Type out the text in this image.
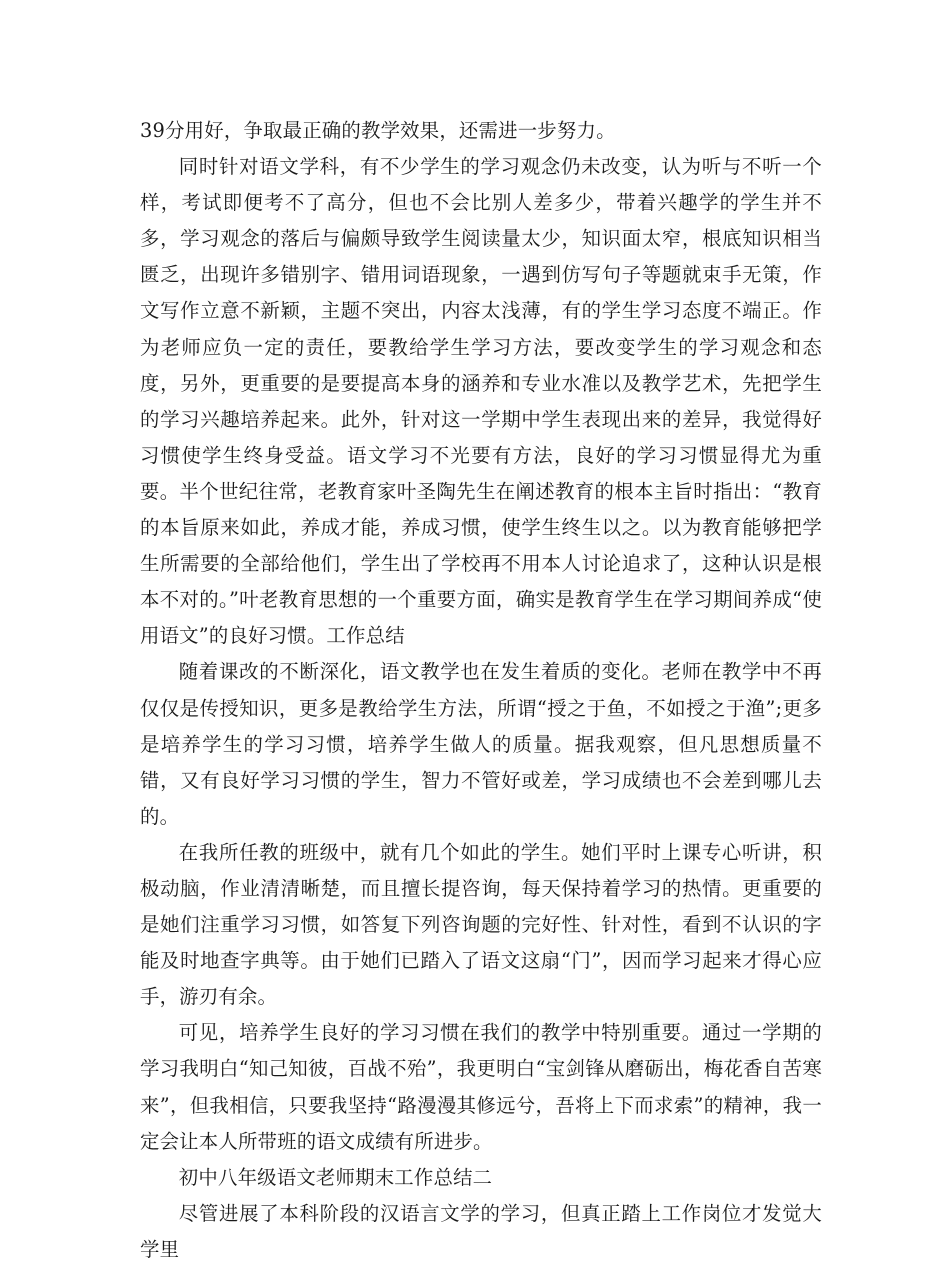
39分用好，争取最正确的教学效果，还需进一步努力。

同时针对语文学科，有不少学生的学习观念仍未改变，认为听与不听一个样，考试即便考不了高分，但也不会比别人差多少，带着兴趣学的学生并不多，学习观念的落后与偏颇导致学生阅读量太少，知识面太窄，根底知识相当匮乏，出现许多错别字、错用词语现象，一遇到仿写句子等题就束手无策，作文写作立意不新颖，主题不突出，内容太浅薄，有的学生学习态度不端正。作为老师应负一定的责任，要教给学生学习方法，要改变学生的学习观念和态度，另外，更重要的是要提高本身的涵养和专业水准以及教学艺术，先把学生的学习兴趣培养起来。此外，针对这一学期中学生表现出来的差异，我觉得好习惯使学生终身受益。语文学习不光要有方法，良好的学习习惯显得尤为重要。半个世纪往常，老教育家叶圣陶先生在阐述教育的根本主旨时指出：“教育的本旨原来如此，养成才能，养成习惯，使学生终生以之。以为教育能够把学生所需要的全部给他们，学生出了学校再不用本人讨论追求了，这种认识是根本不对的。”叶老教育思想的一个重要方面，确实是教育学生在学习期间养成“使用语文”的良好习惯。工作总结

随着课改的不断深化，语文教学也在发生着质的变化。老师在教学中不再仅仅是传授知识，更多是教给学生方法，所谓“授之于鱼，不如授之于渔”;更多是培养学生的学习习惯，培养学生做人的质量。据我观察，但凡思想质量不错，又有良好学习习惯的学生，智力不管好或差，学习成绩也不会差到哪儿去的。

在我所任教的班级中，就有几个如此的学生。她们平时上课专心听讲，积极动脑，作业清清晰楚，而且擅长提咨询，每天保持着学习的热情。更重要的是她们注重学习习惯，如答复下列咨询题的完好性、针对性，看到不认识的字能及时地查字典等。由于她们已踏入了语文这扇“门”，因而学习起来才得心应手，游刃有余。

可见，培养学生良好的学习习惯在我们的教学中特别重要。通过一学期的学习我明白“知己知彼，百战不殆”，我更明白“宝剑锋从磨砺出，梅花香自苦寒来”，但我相信，只要我坚持“路漫漫其修远兮，吾将上下而求索”的精神，我一定会让本人所带班的语文成绩有所进步。

初中八年级语文老师期末工作总结二

尽管进展了本科阶段的汉语言文学的学习，但真正踏上工作岗位才发觉大学里
